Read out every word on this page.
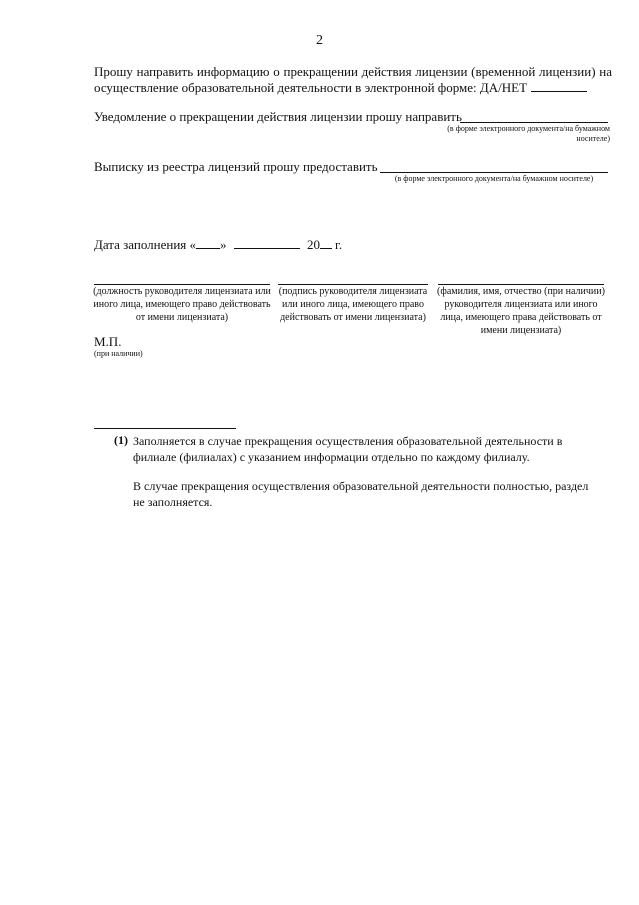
2
Прошу направить информацию о прекращении действия лицензии (временной лицензии) на осуществление образовательной деятельности в электронной форме: ДА/НЕТ
Уведомление о прекращении действия лицензии прошу направить
(в форме электронного документа/на бумажном носителе)
Выписку из реестра лицензий прошу предоставить
(в форме электронного документа/на бумажном носителе)
Дата заполнения « »	20 г.
(должность руководителя лицензиата или иного лица, имеющего право действовать от имени лицензиата)
(подпись руководителя лицензиата или иного лица, имеющего право действовать от имени лицензиата)
(фамилия, имя, отчество (при наличии) руководителя лицензиата или иного лица, имеющего права действовать от имени лицензиата)
М.П.
(при наличии)
(1) Заполняется в случае прекращения осуществления образовательной деятельности в филиале (филиалах) с указанием информации отдельно по каждому филиалу.
В случае прекращения осуществления образовательной деятельности полностью, раздел не заполняется.
